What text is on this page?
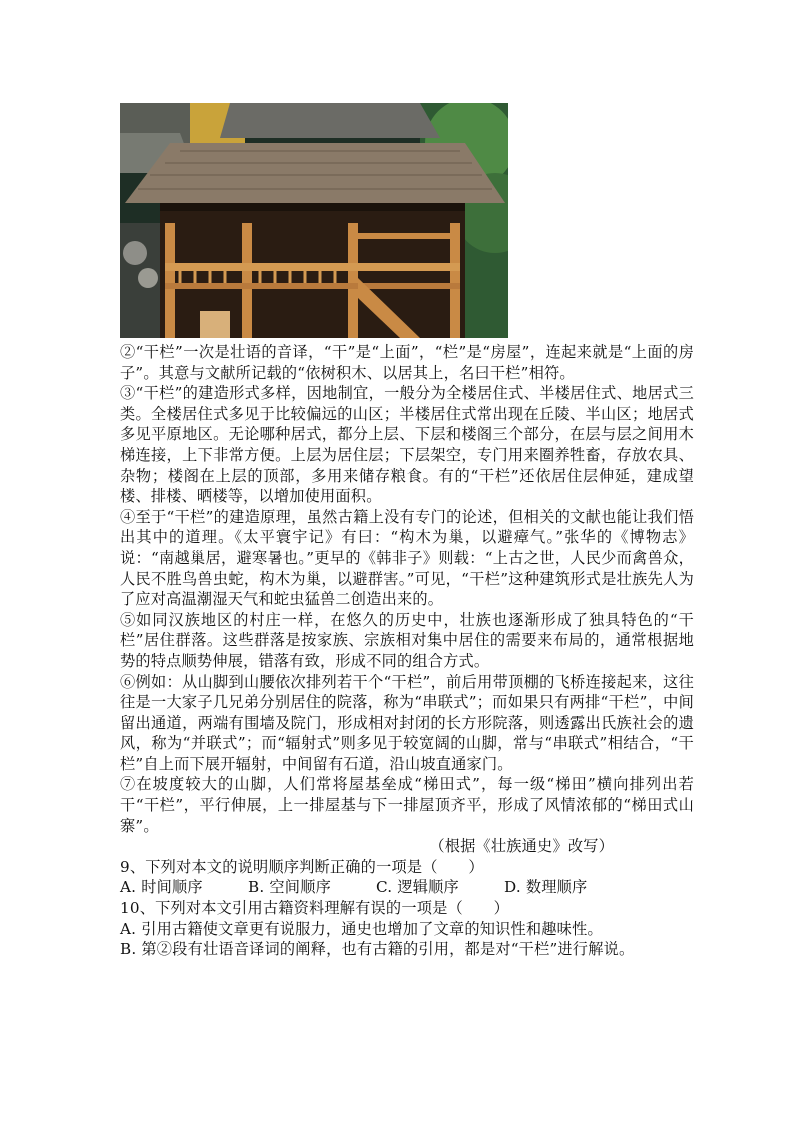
②“干栏”一次是壮语的音译，“干”是“上面”，“栏”是“房屋”，连起来就是“上面的房子”。其意与文献所记载的“依树积木、以居其上，名曰干栏”相符。

③“干栏”的建造形式多样，因地制宜，一般分为全楼居住式、半楼居住式、地居式三类。全楼居住式多见于比较偏远的山区；半楼居住式常出现在丘陵、半山区；地居式多见平原地区。无论哪种居式，都分上层、下层和楼阁三个部分，在层与层之间用木梯连接，上下非常方便。上层为居住层；下层架空，专门用来圈养牲畜，存放农具、杂物；楼阁在上层的顶部，多用来储存粮食。有的“干栏”还依居住层伸延，建成望楼、排楼、晒楼等，以增加使用面积。

④至于“干栏”的建造原理，虽然古籍上没有专门的论述，但相关的文献也能让我们悟出其中的道理。《太平寰宇记》有曰：“构木为巢，以避瘴气。”张华的《博物志》说：“南越巢居，避寒暑也。”更早的《韩非子》则载：“上古之世，人民少而禽兽众，人民不胜鸟兽虫蛇，构木为巢，以避群害。”可见，“干栏”这种建筑形式是壮族先人为了应对高温潮湿天气和蛇虫猛兽二创造出来的。

⑤如同汉族地区的村庄一样，在悠久的历史中，壮族也逐渐形成了独具特色的“干栏”居住群落。这些群落是按家族、宗族相对集中居住的需要来布局的，通常根据地势的特点顺势伸展，错落有致，形成不同的组合方式。

⑥例如：从山脚到山腰依次排列若干个“干栏”，前后用带顶棚的飞桥连接起来，这往往是一大家子几兄弟分别居住的院落，称为“串联式”；而如果只有两排“干栏”，中间留出通道，两端有围墙及院门，形成相对封闭的长方形院落，则透露出氏族社会的遗风，称为“并联式”；而“辐射式”则多见于较宽阔的山脚，常与“串联式”相结合，“干栏”自上而下展开辐射，中间留有石道，沿山坡直通家门。

⑦在坡度较大的山脚，人们常将屋基垒成“梯田式”，每一级“梯田”横向排列出若干“干栏”，平行伸展，上一排屋基与下一排屋顶齐平，形成了风情浓郁的“梯田式山寨”。

（根据《壮族通史》改写）

9、下列对本文的说明顺序判断正确的一项是（　　）

A. 时间顺序	B. 空间顺序	C. 逻辑顺序	D. 数理顺序

10、下列对本文引用古籍资料理解有误的一项是（　　）

A. 引用古籍使文章更有说服力，通史也增加了文章的知识性和趣味性。

B. 第②段有壮语音译词的阐释，也有古籍的引用，都是对“干栏”进行解说。
